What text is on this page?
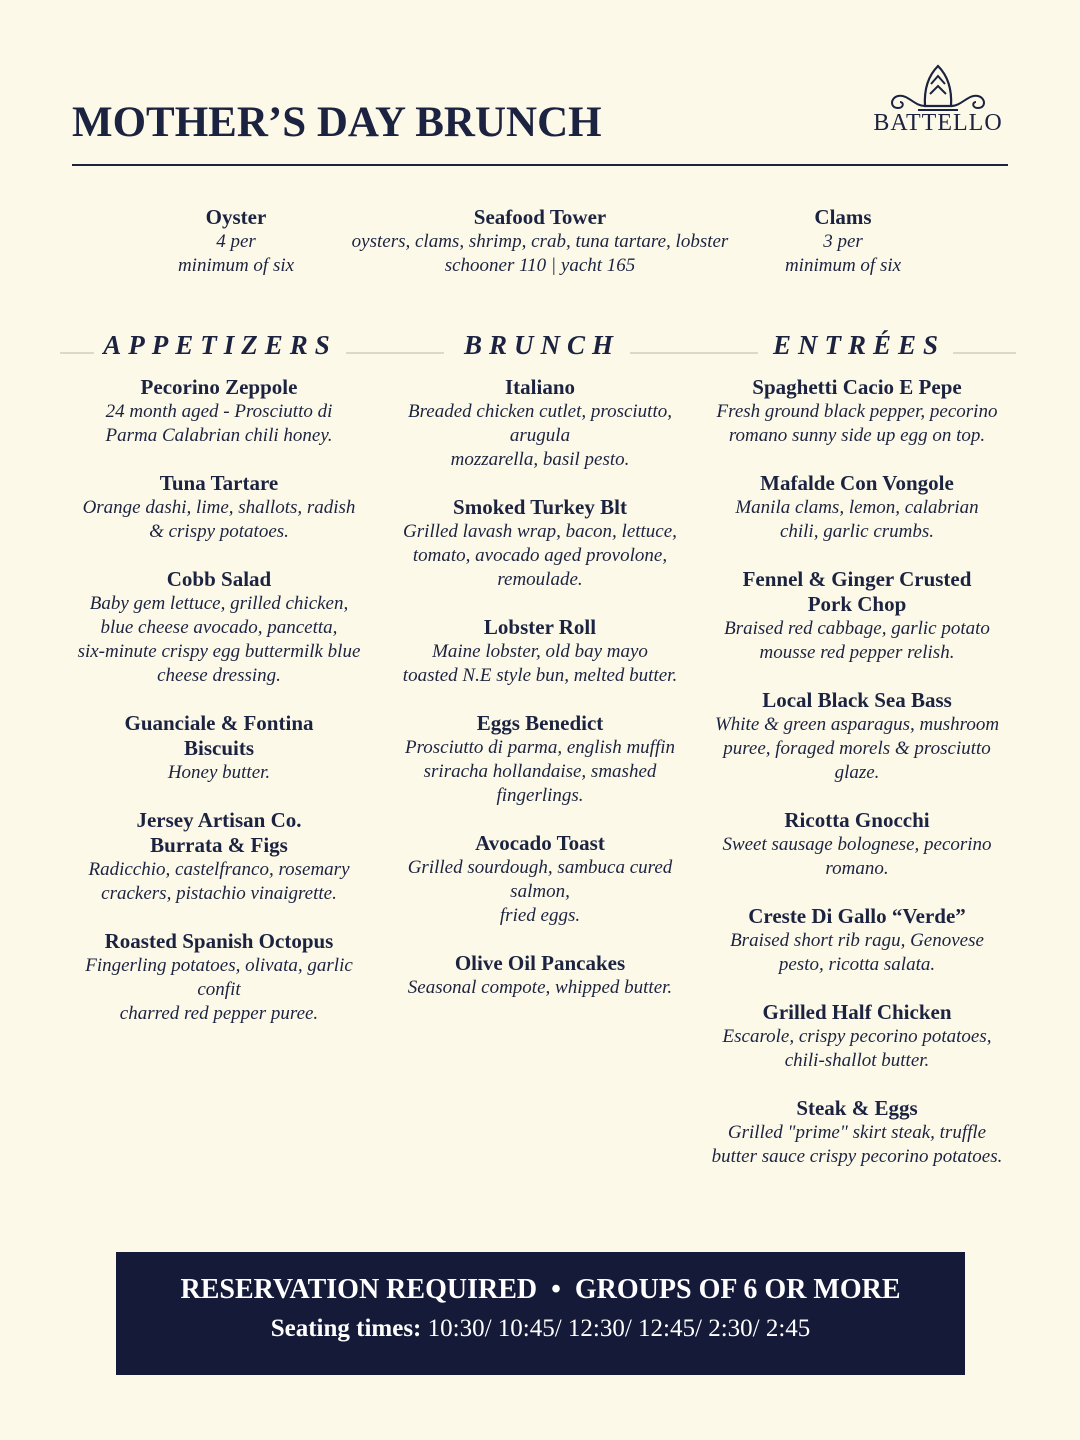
MOTHER’S DAY BRUNCH	BATTELLO
Oyster
4 per
minimum of six
Seafood Tower
oysters, clams, shrimp, crab, tuna tartare, lobster
schooner 110 | yacht 165
Clams
3 per
minimum of six
APPETIZERS	BRUNCH	ENTRÉES
Pecorino Zeppole
24 month aged - Prosciutto di
Parma Calabrian chili honey.
Tuna Tartare
Orange dashi, lime, shallots, radish
& crispy potatoes.
Cobb Salad
Baby gem lettuce, grilled chicken,
blue cheese avocado, pancetta,
six-minute crispy egg buttermilk blue
cheese dressing.
Guanciale & Fontina
Biscuits
Honey butter.
Jersey Artisan Co.
Burrata & Figs
Radicchio, castelfranco, rosemary
crackers, pistachio vinaigrette.
Roasted Spanish Octopus
Fingerling potatoes, olivata, garlic
confit
charred red pepper puree.
Italiano
Breaded chicken cutlet, prosciutto,
arugula
mozzarella, basil pesto.
Smoked Turkey Blt
Grilled lavash wrap, bacon, lettuce,
tomato, avocado aged provolone,
remoulade.
Lobster Roll
Maine lobster, old bay mayo
toasted N.E style bun, melted butter.
Eggs Benedict
Prosciutto di parma, english muffin
sriracha hollandaise, smashed
fingerlings.
Avocado Toast
Grilled sourdough, sambuca cured
salmon,
fried eggs.
Olive Oil Pancakes
Seasonal compote, whipped butter.
Spaghetti Cacio E Pepe
Fresh ground black pepper, pecorino
romano sunny side up egg on top.
Mafalde Con Vongole
Manila clams, lemon, calabrian
chili, garlic crumbs.
Fennel & Ginger Crusted
Pork Chop
Braised red cabbage, garlic potato
mousse red pepper relish.
Local Black Sea Bass
White & green asparagus, mushroom
puree, foraged morels & prosciutto
glaze.
Ricotta Gnocchi
Sweet sausage bolognese, pecorino
romano.
Creste Di Gallo “Verde”
Braised short rib ragu, Genovese
pesto, ricotta salata.
Grilled Half Chicken
Escarole, crispy pecorino potatoes,
chili-shallot butter.
Steak & Eggs
Grilled "prime" skirt steak, truffle
butter sauce crispy pecorino potatoes.
RESERVATION REQUIRED  •  GROUPS OF 6 OR MORE
Seating times: 10:30/ 10:45/ 12:30/ 12:45/ 2:30/ 2:45
